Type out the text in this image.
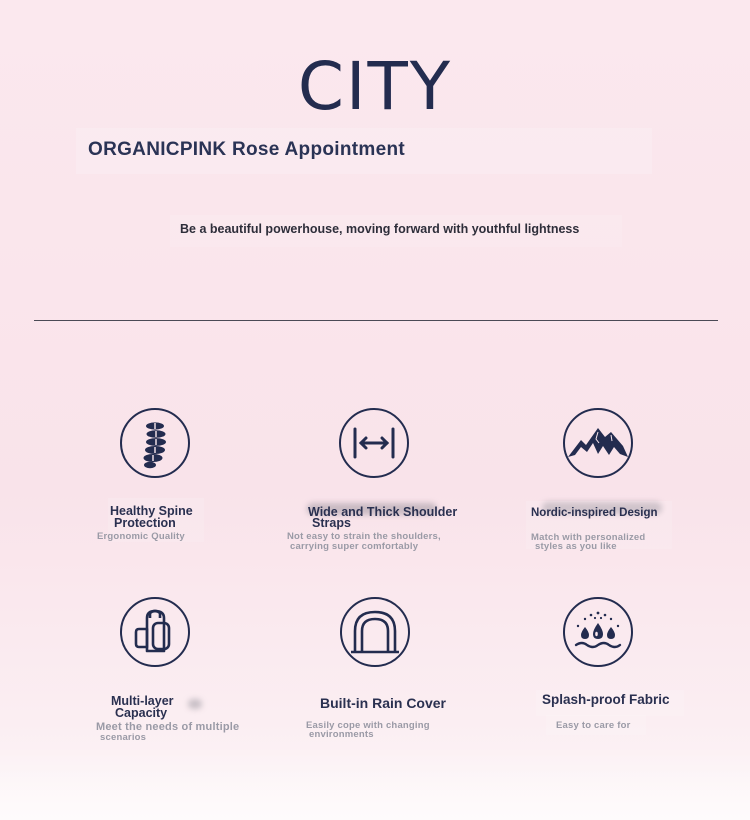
CITY
ORGANICPINK Rose Appointment
Be a beautiful powerhouse, moving forward with youthful lightness
Healthy Spine
Protection
Ergonomic Quality
Wide and Thick Shoulder
Straps
Not easy to strain the shoulders,
carrying super comfortably
Nordic-inspired Design
Match with personalized
styles as you like
Multi-layer
Capacity
Meet the needs of multiple
scenarios
Built-in Rain Cover
Easily cope with changing
environments
Splash-proof Fabric
Easy to care for
